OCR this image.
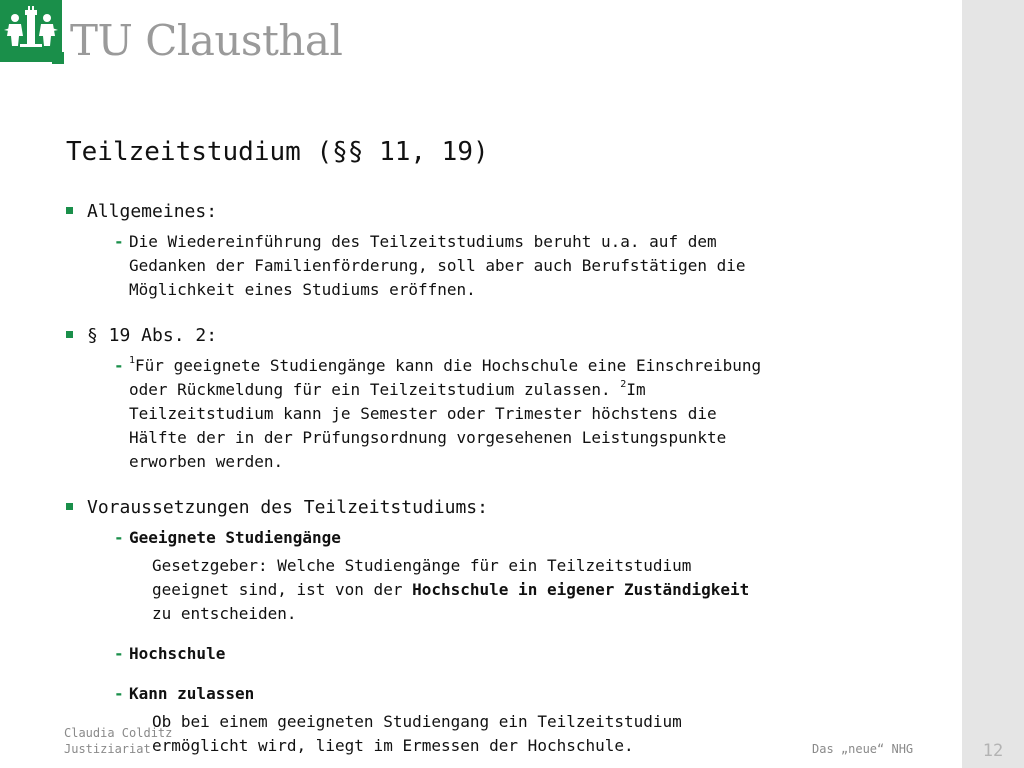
12
TU Clausthal
Teilzeitstudium (§§ 11, 19)
Allgemeines:
- Die Wiedereinführung des Teilzeitstudiums beruht u.a. auf dem
Gedanken der Familienförderung, soll aber auch Berufstätigen die
Möglichkeit eines Studiums eröffnen.
§ 19 Abs. 2:
- $^1$Für geeignete Studiengänge kann die Hochschule eine Einschreibung
oder Rückmeldung für ein Teilzeitstudium zulassen. $^2$Im
Teilzeitstudium kann je Semester oder Trimester höchstens die
Hälfte der in der Prüfungsordnung vorgesehenen Leistungspunkte
erworben werden.
Voraussetzungen des Teilzeitstudiums:
- Geeignete Studiengänge
Gesetzgeber: Welche Studiengänge für ein Teilzeitstudium
geeignet sind, ist von der Hochschule in eigener Zuständigkeit
zu entscheiden.
- Hochschule
- Kann zulassen
Ob bei einem geeigneten Studiengang ein Teilzeitstudium
ermöglicht wird, liegt im Ermessen der Hochschule.
Claudia Colditz
Justiziariat	Das „neue“ NHG
